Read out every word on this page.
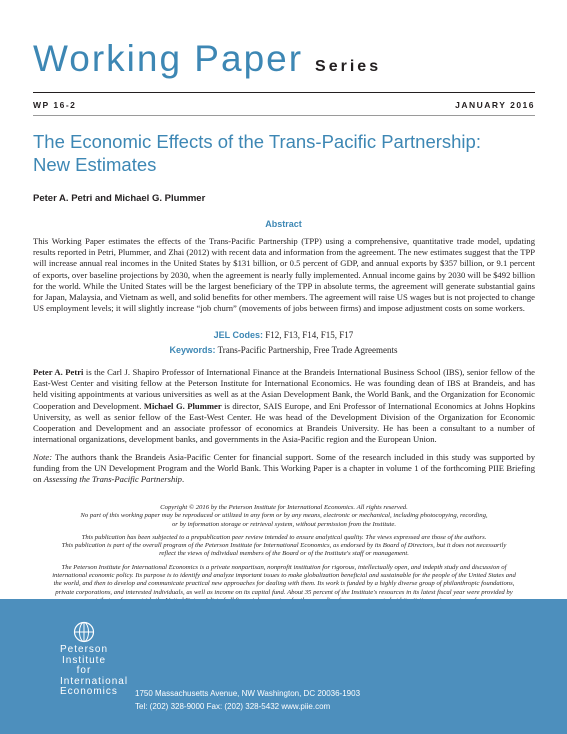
Working Paper Series
WP 16-2	JANUARY 2016
The Economic Effects of the Trans-Pacific Partnership:
New Estimates
Peter A. Petri and Michael G. Plummer
Abstract

This Working Paper estimates the effects of the Trans-Pacific Partnership (TPP) using a comprehensive, quantitative trade model, updating results reported in Petri, Plummer, and Zhai (2012) with recent data and information from the agreement. The new estimates suggest that the TPP will increase annual real incomes in the United States by $131 billion, or 0.5 percent of GDP, and annual exports by $357 billion, or 9.1 percent of exports, over baseline projections by 2030, when the agreement is nearly fully implemented. Annual income gains by 2030 will be $492 billion for the world. While the United States will be the largest beneficiary of the TPP in absolute terms, the agreement will generate substantial gains for Japan, Malaysia, and Vietnam as well, and solid benefits for other members. The agreement will raise US wages but is not projected to change US employment levels; it will slightly increase “job churn” (movements of jobs between firms) and impose adjustment costs on some workers.

JEL Codes: F12, F13, F14, F15, F17
Keywords: Trans-Pacific Partnership, Free Trade Agreements

Peter A. Petri is the Carl J. Shapiro Professor of International Finance at the Brandeis International Business School (IBS), senior fellow of the East-West Center and visiting fellow at the Peterson Institute for International Economics. He was founding dean of IBS at Brandeis, and has held visiting appointments at various universities as well as at the Asian Development Bank, the World Bank, and the Organization for Economic Cooperation and Development. Michael G. Plummer is director, SAIS Europe, and Eni Professor of International Economics at Johns Hopkins University, as well as senior fellow of the East-West Center. He was head of the Development Division of the Organization for Economic Cooperation and Development and an associate professor of economics at Brandeis University. He has been a consultant to a number of international organizations, development banks, and governments in the Asia-Pacific region and the European Union.

Note: The authors thank the Brandeis Asia-Pacific Center for financial support. Some of the research included in this study was supported by funding from the UN Development Program and the World Bank. This Working Paper is a chapter in volume 1 of the forthcoming PIIE Briefing on Assessing the Trans-Pacific Partnership.

Copyright © 2016 by the Peterson Institute for International Economics. All rights reserved.

No part of this working paper may be reproduced or utilized in any form or by any means, electronic or mechanical, including photocopying, recording,

or by information storage or retrieval system, without permission from the Institute.

This publication has been subjected to a prepublication peer review intended to ensure analytical quality. The views expressed are those of the authors.

This publication is part of the overall program of the Peterson Institute for International Economics, as endorsed by its Board of Directors, but it does not necessarily

reflect the views of individual members of the Board or of the Institute's staff or management.

The Peterson Institute for International Economics is a private nonpartisan, nonprofit institution for rigorous, intellectually open, and indepth study and discussion of

international economic policy. Its purpose is to identify and analyze important issues to make globalization beneficial and sustainable for the people of the United States and

the world, and then to develop and communicate practical new approaches for dealing with them. Its work is funded by a highly diverse group of philanthropic foundations,

private corporations, and interested individuals, as well as income on its capital fund. About 35 percent of the Institute's resources in its latest fiscal year were provided by

Peterson
Institute for
International
Economics 1750 Massachusetts Avenue, NW Washington, DC 20036-1903
Tel: (202) 328-9000 Fax: (202) 328-5432 www.piie.com
